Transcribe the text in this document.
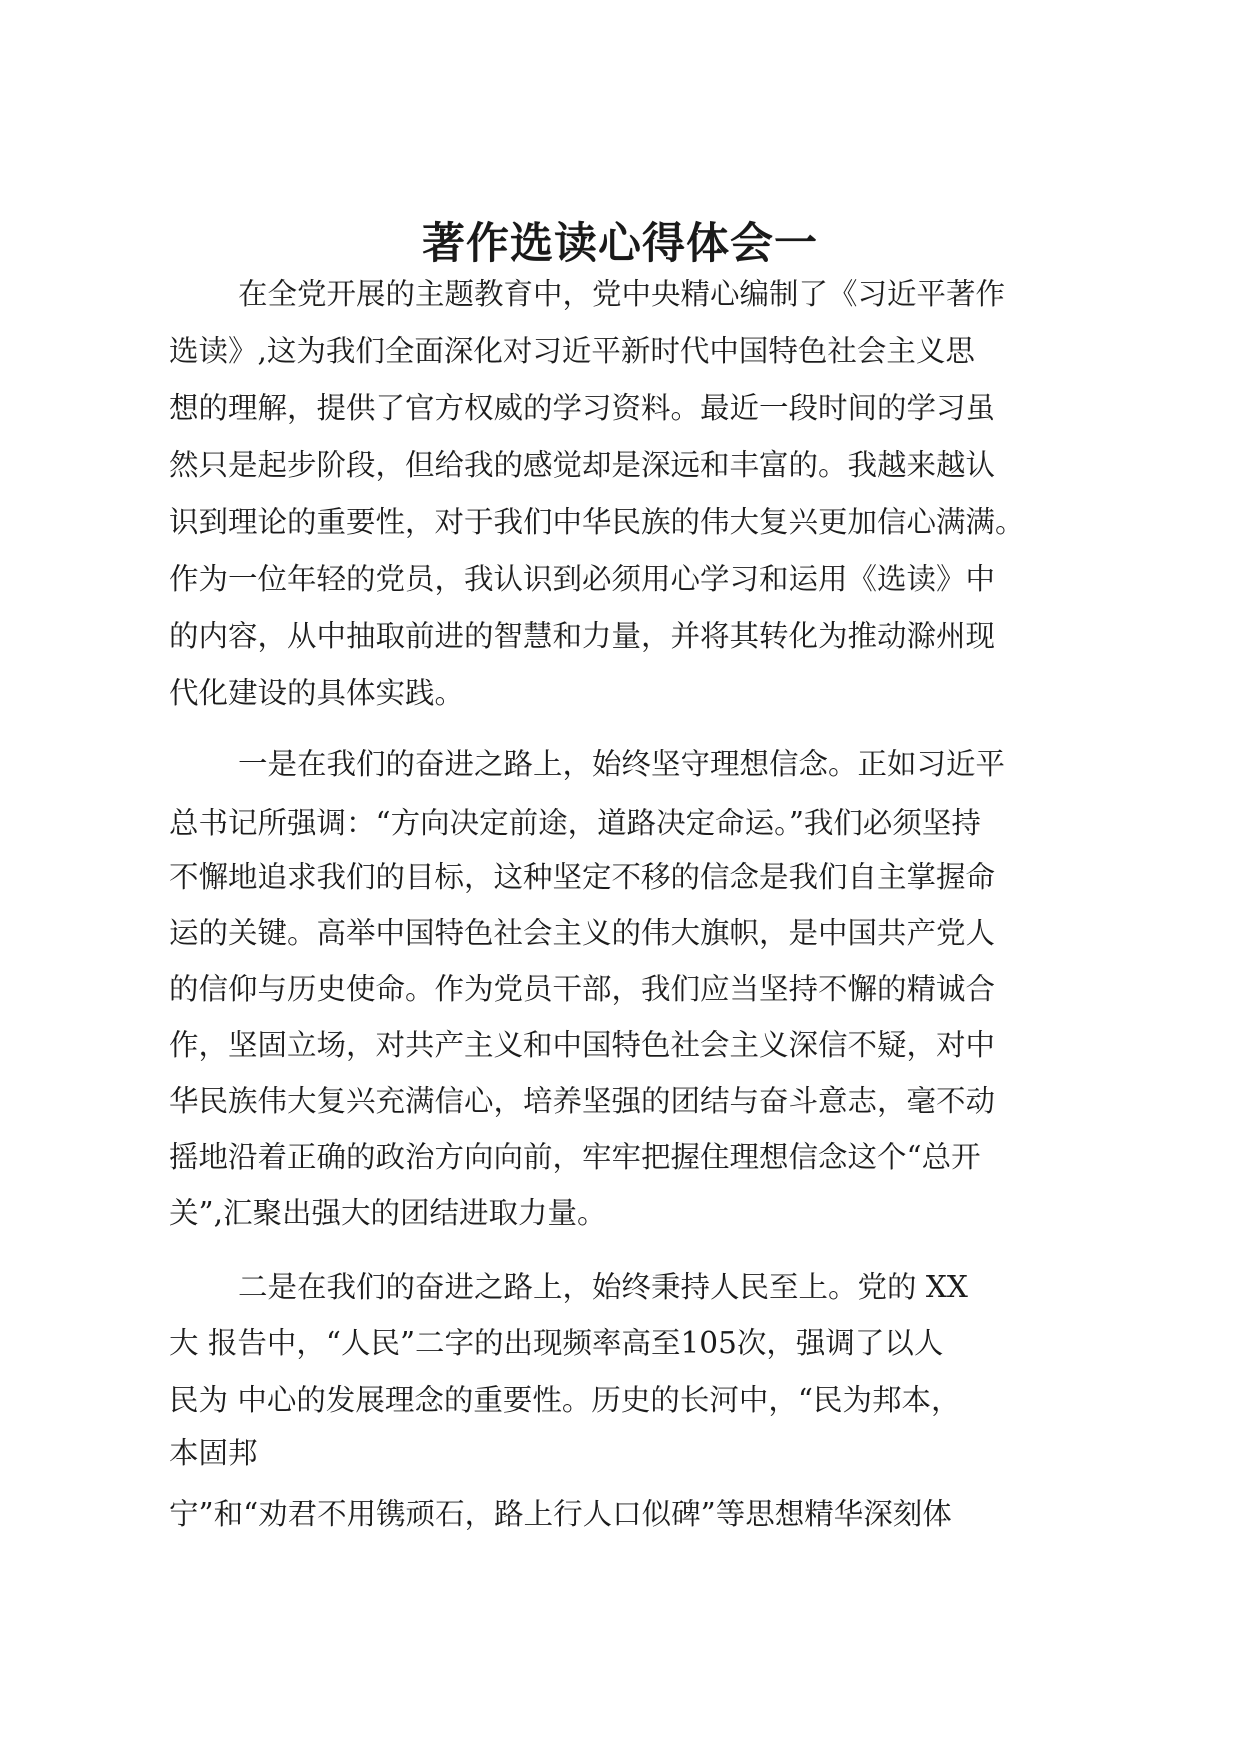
著作选读心得体会一

在全党开展的主题教育中，党中央精心编制了《习近平著作

选读》,这为我们全面深化对习近平新时代中国特色社会主义思

想的理解，提供了官方权威的学习资料。最近一段时间的学习虽

然只是起步阶段，但给我的感觉却是深远和丰富的。我越来越认

识到理论的重要性，对于我们中华民族的伟大复兴更加信心满满。

作为一位年轻的党员，我认识到必须用心学习和运用《选读》中

的内容，从中抽取前进的智慧和力量，并将其转化为推动滁州现

代化建设的具体实践。

一是在我们的奋进之路上，始终坚守理想信念。正如习近平

总书记所强调：“方向决定前途，道路决定命运。”我们必须坚持

不懈地追求我们的目标，这种坚定不移的信念是我们自主掌握命

运的关键。高举中国特色社会主义的伟大旗帜，是中国共产党人

的信仰与历史使命。作为党员干部，我们应当坚持不懈的精诚合

作，坚固立场，对共产主义和中国特色社会主义深信不疑，对中

华民族伟大复兴充满信心，培养坚强的团结与奋斗意志，毫不动

摇地沿着正确的政治方向向前，牢牢把握住理想信念这个“总开

关”,汇聚出强大的团结进取力量。

二是在我们的奋进之路上，始终秉持人民至上。党的 XX

大 报告中，“人民”二字的出现频率高至105次，强调了以人

民为 中心的发展理念的重要性。历史的长河中，“民为邦本，

本固邦

宁”和“劝君不用镌顽石，路上行人口似碑”等思想精华深刻体
